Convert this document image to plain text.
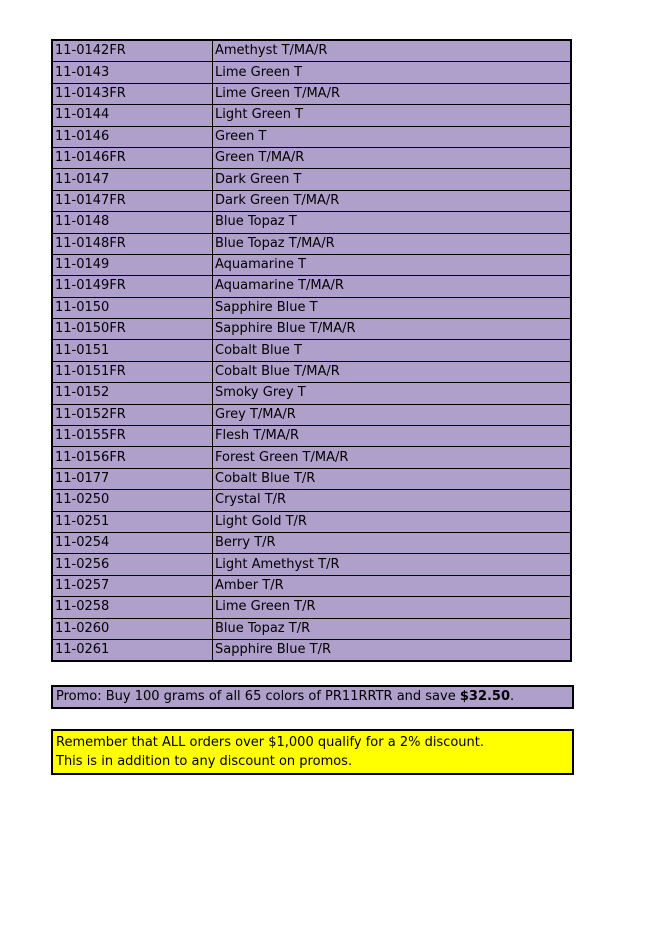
11-0142FR	Amethyst T/MA/R
11-0143	Lime Green T
11-0143FR	Lime Green T/MA/R
11-0144	Light Green T
11-0146	Green T
11-0146FR	Green T/MA/R
11-0147	Dark Green T
11-0147FR	Dark Green T/MA/R
11-0148	Blue Topaz T
11-0148FR	Blue Topaz T/MA/R
11-0149	Aquamarine T
11-0149FR	Aquamarine T/MA/R
11-0150	Sapphire Blue T
11-0150FR	Sapphire Blue T/MA/R
11-0151	Cobalt Blue T
11-0151FR	Cobalt Blue T/MA/R
11-0152	Smoky Grey T
11-0152FR	Grey T/MA/R
11-0155FR	Flesh T/MA/R
11-0156FR	Forest Green T/MA/R
11-0177	Cobalt Blue T/R
11-0250	Crystal T/R
11-0251	Light Gold T/R
11-0254	Berry T/R
11-0256	Light Amethyst T/R
11-0257	Amber T/R
11-0258	Lime Green T/R
11-0260	Blue Topaz T/R
11-0261	Sapphire Blue T/R
Promo: Buy 100 grams of all 65 colors of PR11RRTR and save $32.50.
Remember that ALL orders over $1,000 qualify for a 2% discount.
This is in addition to any discount on promos.
